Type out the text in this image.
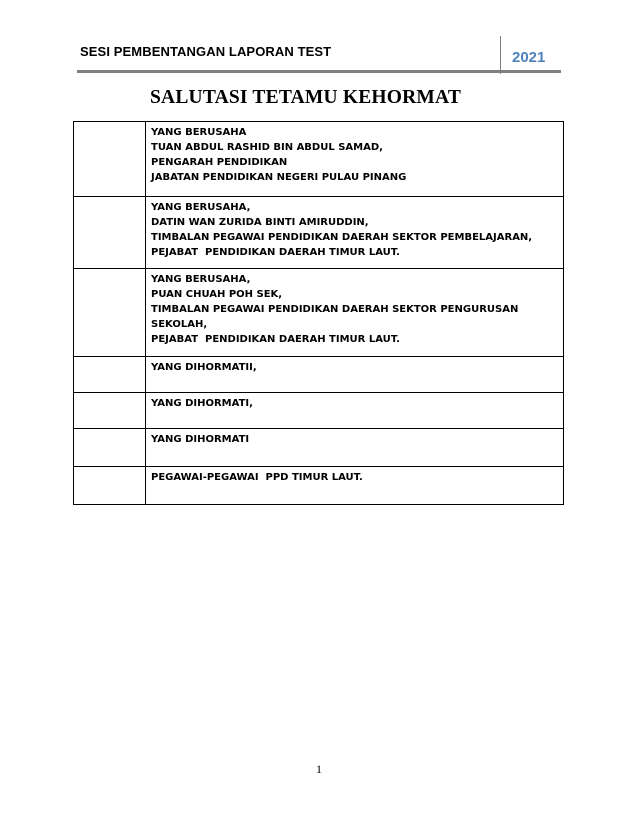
SESI PEMBENTANGAN LAPORAN TEST	2021
SALUTASI TETAMU KEHORMAT

	YANG BERUSAHA
TUAN ABDUL RASHID BIN ABDUL SAMAD,
PENGARAH PENDIDIKAN
JABATAN PENDIDIKAN NEGERI PULAU PINANG

	YANG BERUSAHA,
DATIN WAN ZURIDA BINTI AMIRUDDIN,
TIMBALAN PEGAWAI PENDIDIKAN DAERAH SEKTOR PEMBELAJARAN,
PEJABAT  PENDIDIKAN DAERAH TIMUR LAUT.

	YANG BERUSAHA,
PUAN CHUAH POH SEK,
TIMBALAN PEGAWAI PENDIDIKAN DAERAH SEKTOR PENGURUSAN
SEKOLAH,
PEJABAT  PENDIDIKAN DAERAH TIMUR LAUT.

	YANG DIHORMATII,

	YANG DIHORMATI,

	YANG DIHORMATI

	PEGAWAI-PEGAWAI  PPD TIMUR LAUT.
1
